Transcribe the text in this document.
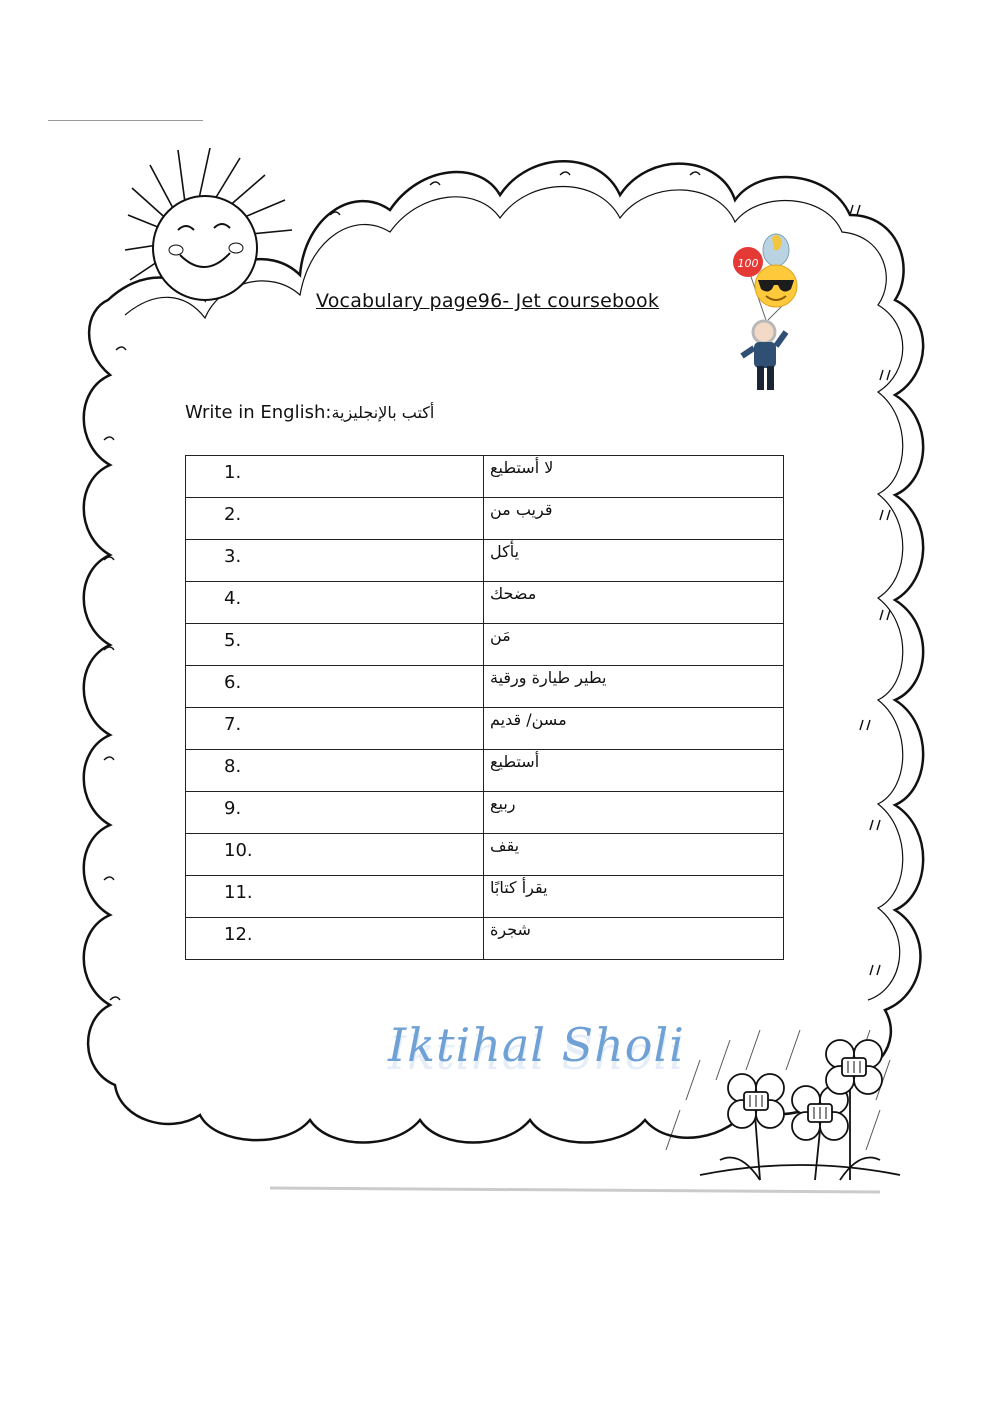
Vocabulary page96- Jet coursebook
Write in English:أكتب بالإنجليزية
1.	لا أستطيع
2.	قريب من
3.	يأكل
4.	مضحك
5.	مَن
6.	يطير طيارة ورقية
7.	مسن/ قديم
8.	أستطيع
9.	ربيع
10.	يقف
11.	يقرأ كتابًا
12.	شجرة
Iktihal Sholi
100
